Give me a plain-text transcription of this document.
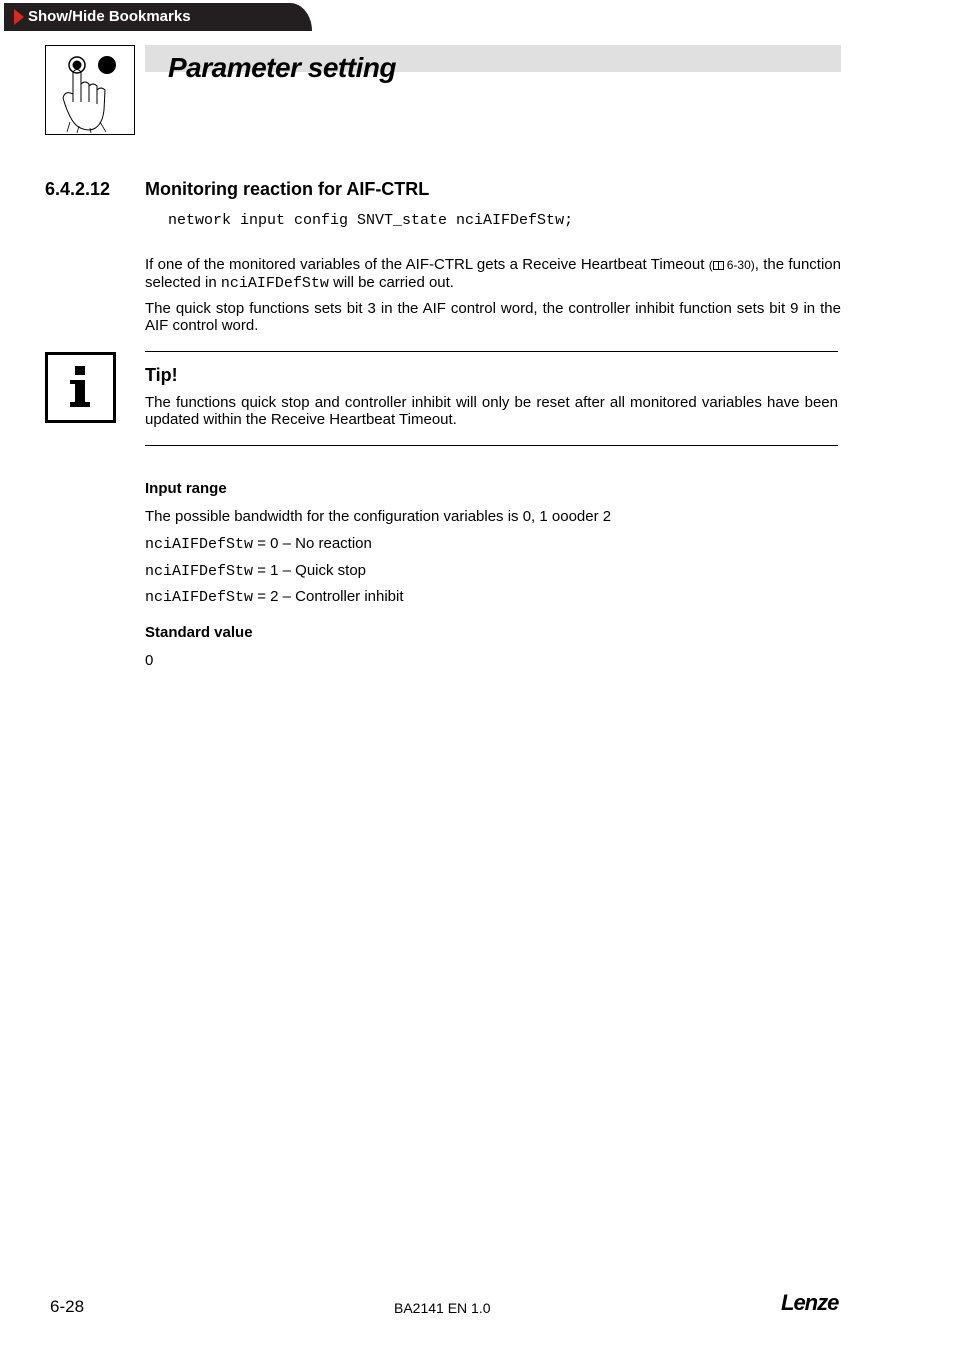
Show/Hide Bookmarks
Parameter setting
6.4.2.12 Monitoring reaction for AIF-CTRL
network input config SNVT_state nciAIFDefStw;
If one of the monitored variables of the AIF-CTRL gets a Receive Heartbeat Timeout ( 6-30), the function selected in nciAIFDefStw will be carried out.
The quick stop functions sets bit 3 in the AIF control word, the controller inhibit function sets bit 9 in the AIF control word.
Tip!
The functions quick stop and controller inhibit will only be reset after all monitored variables have been updated within the Receive Heartbeat Timeout.
Input range
The possible bandwidth for the configuration variables is 0, 1 oooder 2
nciAIFDefStw = 0 – No reaction
nciAIFDefStw = 1 – Quick stop
nciAIFDefStw = 2 – Controller inhibit
Standard value
0
6-28	BA2141 EN 1.0	Lenze
